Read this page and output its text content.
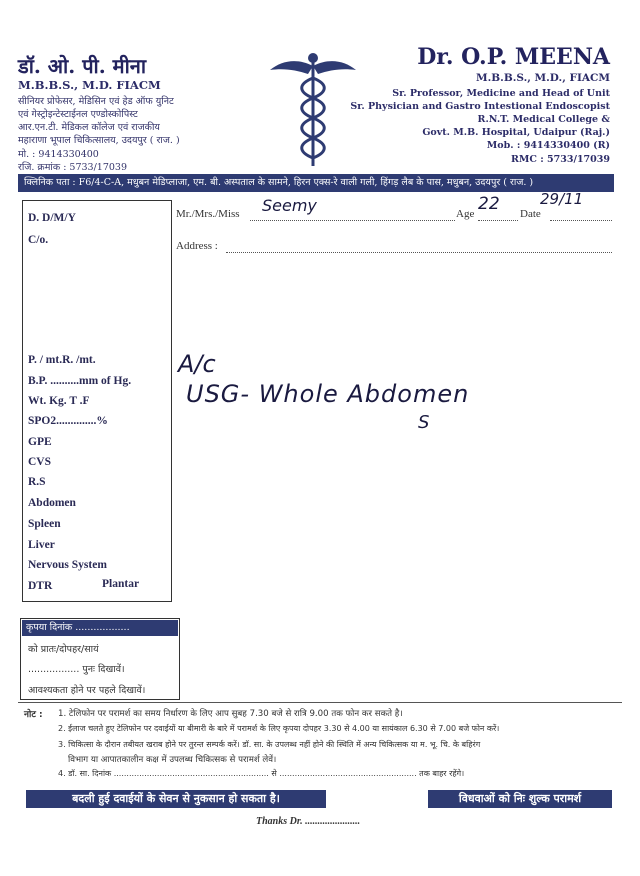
डॉ. ओ. पी. मीना
M.B.B.S., M.D. FIACM
सीनियर प्रोफेसर, मेडिसिन एवं हेड ऑफ युनिट
एवं गेस्ट्रोइन्टेस्टाईनल एण्डोस्कोपिस्ट
आर.एन.टी. मेडिकल कॉलेज एवं राजकीय
महाराणा भूपाल चिकित्सालय, उदयपुर ( राज. )
मो. : 9414330400
Dr. O.P. MEENA
M.B.B.S., M.D., FIACM
Sr. Professor, Medicine and Head of Unit
Sr. Physician and Gastro Intestional Endoscopist
R.N.T. Medical College &
Govt. M.B. Hospital, Udaipur (Raj.)
Mob. : 9414330400 (R)
RMC : 5733/17039
रजि. क्रमांक : 5733/17039
क्लिनिक पता : F6/4-C-A, मधुबन मेडिप्लाजा, एम. बी. अस्पताल के सामने, हिरन एक्स-रे वाली गली, हिंगड़ लैब के पास, मधुबन, उदयपुर ( राज. )
Mr./Mrs./Miss Seemy	Age 22 Date
29/11
Address :
D. D/M/Y
C/o.
P. / mt.R. /mt.
B.P. ..........mm of Hg.
Wt. Kg. T .F
SPO2..............%
GPE
CVS
R.S
Abdomen
Spleen
Liver
Nervous System
DTR	Plantar
A/c
USG- Whole Abdomen
S
कृपया दिनांक ..................
को प्रातः/दोपहर/सायं
................. पुनः दिखावें।
आवश्यकता होने पर पहले दिखावें।
नोट : 1. टेलिफोन पर परामर्श का समय निर्धारण के लिए आप सुबह 7.30 बजे से रात्रि 9.00 तक फोन कर सकते है।
2. ईलाज चलते हुए टेलिफोन पर दवाईयों या बीमारी के बारे में परामर्श के लिए कृपया दोपहर 3.30 से 4.00 या सायंकाल 6.30 से 7.00 बजे फोन करें।
3. चिकित्सा के दौरान तबीयत खराब होने पर तुरन्त सम्पर्क करें। डॉ. सा. के उपलब्ध नहीं होने की स्थिति में अन्य चिकित्सक या म. भू. चि. के बहिरंग
विभाग या आपातकालीन कक्ष में उपलब्ध चिकित्सक से परामर्श लेवें।
4. डॉ. सा. दिनांक ............................................................. से ...................................................... तक बाहर रहेंगे।
बदली हुई दवाईयों के सेवन से नुकसान हो सकता है।	विधवाओं को निः शुल्क परामर्श
Thanks Dr. ......................
